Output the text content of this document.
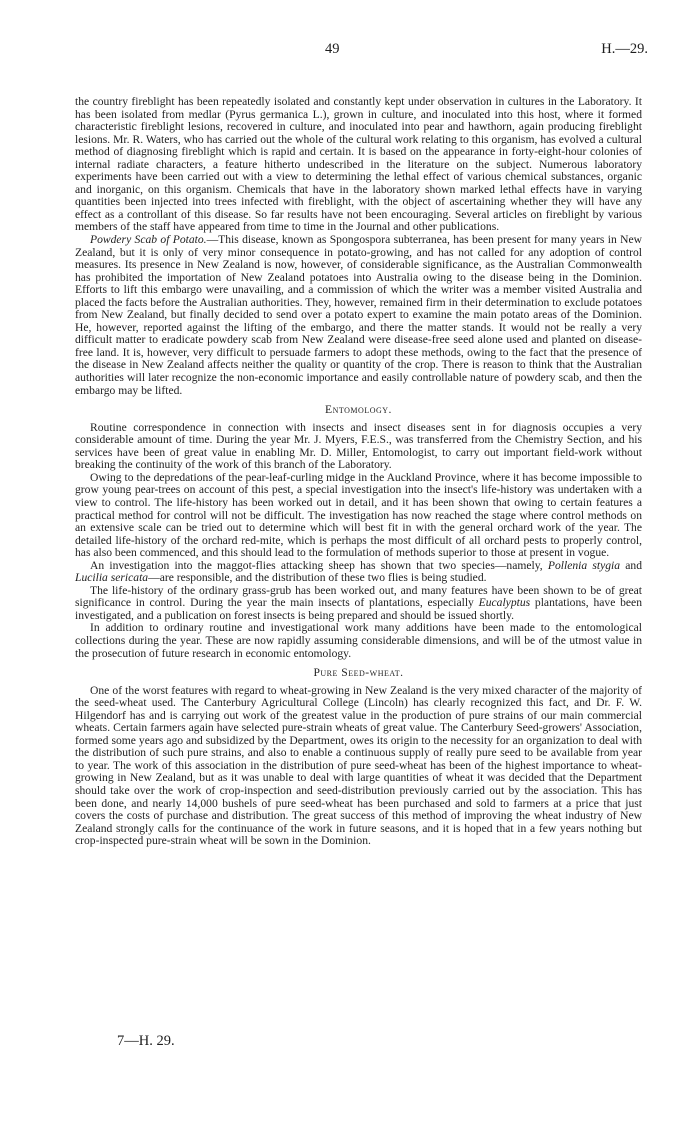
49	H.—29.

the country fireblight has been repeatedly isolated and constantly kept under observation in cultures in the Laboratory. It has been isolated from medlar (Pyrus germanica L.), grown in culture, and inoculated into this host, where it formed characteristic fireblight lesions, recovered in culture, and inoculated into pear and hawthorn, again producing fireblight lesions. Mr. R. Waters, who has carried out the whole of the cultural work relating to this organism, has evolved a cultural method of diagnosing fireblight which is rapid and certain. It is based on the appearance in forty-eight-hour colonies of internal radiate characters, a feature hitherto undescribed in the literature on the subject. Numerous laboratory experiments have been carried out with a view to determining the lethal effect of various chemical substances, organic and inorganic, on this organism. Chemicals that have in the laboratory shown marked lethal effects have in varying quantities been injected into trees infected with fireblight, with the object of ascertaining whether they will have any effect as a controllant of this disease. So far results have not been encouraging. Several articles on fireblight by various members of the staff have appeared from time to time in the Journal and other publications.

Powdery Scab of Potato.—This disease, known as Spongospora subterranea, has been present for many years in New Zealand, but it is only of very minor consequence in potato-growing, and has not called for any adoption of control measures. Its presence in New Zealand is now, however, of considerable significance, as the Australian Commonwealth has prohibited the importation of New Zealand potatoes into Australia owing to the disease being in the Dominion. Efforts to lift this embargo were unavailing, and a commission of which the writer was a member visited Australia and placed the facts before the Australian authorities. They, however, remained firm in their determination to exclude potatoes from New Zealand, but finally decided to send over a potato expert to examine the main potato areas of the Dominion. He, however, reported against the lifting of the embargo, and there the matter stands. It would not be really a very difficult matter to eradicate powdery scab from New Zealand were disease-free seed alone used and planted on disease-free land. It is, however, very difficult to persuade farmers to adopt these methods, owing to the fact that the presence of the disease in New Zealand affects neither the quality or quantity of the crop. There is reason to think that the Australian authorities will later recognize the non-economic importance and easily controllable nature of powdery scab, and then the embargo may be lifted.

Entomology.

Routine correspondence in connection with insects and insect diseases sent in for diagnosis occupies a very considerable amount of time. During the year Mr. J. Myers, F.E.S., was transferred from the Chemistry Section, and his services have been of great value in enabling Mr. D. Miller, Entomologist, to carry out important field-work without breaking the continuity of the work of this branch of the Laboratory.

Owing to the depredations of the pear-leaf-curling midge in the Auckland Province, where it has become impossible to grow young pear-trees on account of this pest, a special investigation into the insect's life-history was undertaken with a view to control. The life-history has been worked out in detail, and it has been shown that owing to certain features a practical method for control will not be difficult. The investigation has now reached the stage where control methods on an extensive scale can be tried out to determine which will best fit in with the general orchard work of the year. The detailed life-history of the orchard red-mite, which is perhaps the most difficult of all orchard pests to properly control, has also been commenced, and this should lead to the formulation of methods superior to those at present in vogue.

An investigation into the maggot-flies attacking sheep has shown that two species—namely, Pollenia stygia and Lucilia sericata—are responsible, and the distribution of these two flies is being studied.

The life-history of the ordinary grass-grub has been worked out, and many features have been shown to be of great significance in control. During the year the main insects of plantations, especially Eucalyptus plantations, have been investigated, and a publication on forest insects is being prepared and should be issued shortly.

In addition to ordinary routine and investigational work many additions have been made to the entomological collections during the year. These are now rapidly assuming considerable dimensions, and will be of the utmost value in the prosecution of future research in economic entomology.

Pure Seed-wheat.

One of the worst features with regard to wheat-growing in New Zealand is the very mixed character of the majority of the seed-wheat used. The Canterbury Agricultural College (Lincoln) has clearly recognized this fact, and Dr. F. W. Hilgendorf has and is carrying out work of the greatest value in the production of pure strains of our main commercial wheats. Certain farmers again have selected pure-strain wheats of great value. The Canterbury Seed-growers' Association, formed some years ago and subsidized by the Department, owes its origin to the necessity for an organization to deal with the distribution of such pure strains, and also to enable a continuous supply of really pure seed to be available from year to year. The work of this association in the distribution of pure seed-wheat has been of the highest importance to wheat-growing in New Zealand, but as it was unable to deal with large quantities of wheat it was decided that the Department should take over the work of crop-inspection and seed-distribution previously carried out by the association. This has been done, and nearly 14,000 bushels of pure seed-wheat has been purchased and sold to farmers at a price that just covers the costs of purchase and distribution. The great success of this method of improving the wheat industry of New Zealand strongly calls for the continuance of the work in future seasons, and it is hoped that in a few years nothing but crop-inspected pure-strain wheat will be sown in the Dominion.

7—H. 29.
